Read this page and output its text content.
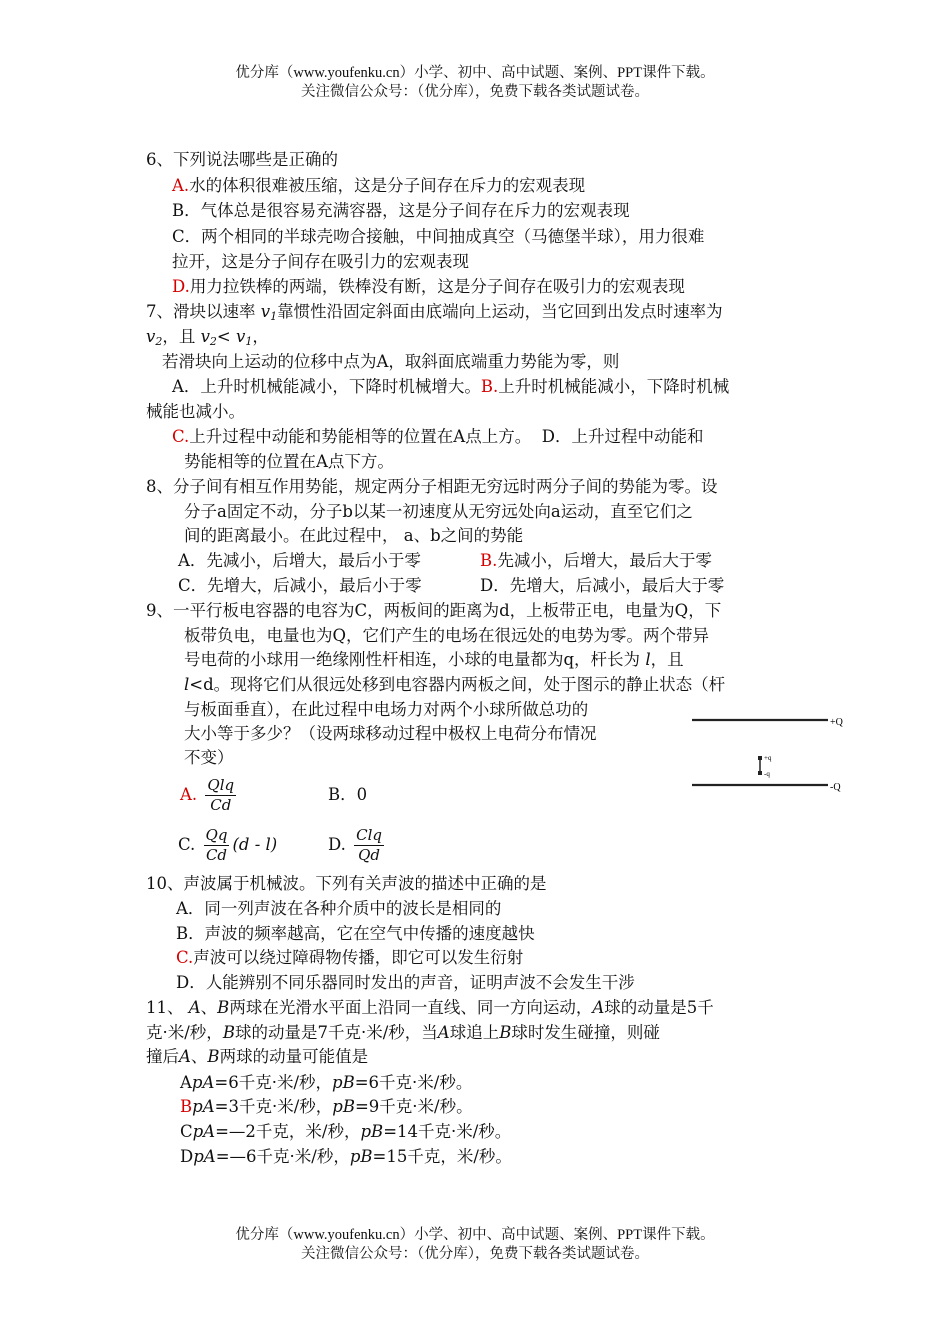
优分库（www.youfenku.cn）小学、初中、高中试题、案例、PPT课件下载。
关注微信公众号：（优分库），免费下载各类试题试卷。
6、下列说法哪些是正确的
A.水的体积很难被压缩，这是分子间存在斥力的宏观表现
B．气体总是很容易充满容器，这是分子间存在斥力的宏观表现
C．两个相同的半球壳吻合接触，中间抽成真空（马德堡半球），用力很难
拉开，这是分子间存在吸引力的宏观表现
D.用力拉铁棒的两端，铁棒没有断，这是分子间存在吸引力的宏观表现
7、滑块以速率 $v_1$靠惯性沿固定斜面由底端向上运动，当它回到出发点时速率为
$v_2$，且 $v_2< v_1$，
若滑块向上运动的位移中点为A，取斜面底端重力势能为零，则
A．上升时机械能减小，下降时机械增大。B.上升时机械能减小，下降时机械
械能也减小。
C.上升过程中动能和势能相等的位置在A点上方。 D．上升过程中动能和
势能相等的位置在A点下方。
8、分子间有相互作用势能，规定两分子相距无穷远时两分子间的势能为零。设
分子a固定不动，分子b以某一初速度从无穷远处向a运动，直至它们之
间的距离最小。在此过程中， a、b之间的势能
A．先减小，后增大，最后小于零	B.先减小，后增大，最后大于零
C．先增大，后减小，最后小于零	D．先增大，后减小，最后大于零
9、一平行板电容器的电容为C，两板间的距离为d，上板带正电，电量为Q，下
板带负电，电量也为Q，它们产生的电场在很远处的电势为零。两个带异
号电荷的小球用一绝缘刚性杆相连，小球的电量都为q，杆长为 l，且
l<d。现将它们从很远处移到电容器内两板之间，处于图示的静止状态（杆
与板面垂直），在此过程中电场力对两个小球所做总功的
大小等于多少？（设两球移动过程中极权上电荷分布情况
不变）
+Q
-Q
+q
-q
A. $\frac{\text{Qlq}}{Cd}$	B．0
C. $\frac{Qq}{Cd} (d - l)$	D. $\frac{\text{Clq}}{Qd}$
10、声波属于机械波。下列有关声波的描述中正确的是
A．同一列声波在各种介质中的波长是相同的
B．声波的频率越高，它在空气中传播的速度越快
C.声波可以绕过障碍物传播，即它可以发生衍射
D．人能辨别不同乐器同时发出的声音，证明声波不会发生干涉
11、 A、B两球在光滑水平面上沿同一直线、同一方向运动，A球的动量是5千
克·米/秒，B球的动量是7千克·米/秒，当A球追上B球时发生碰撞，则碰
撞后A、B两球的动量可能值是
ApA=6千克·米/秒，pB=6千克·米/秒。
BpA=3千克·米/秒，pB=9千克·米/秒。
CpA=—2千克，米/秒，pB=14千克·米/秒。
DpA=—6千克·米/秒，pB=15千克，米/秒。
优分库（www.youfenku.cn）小学、初中、高中试题、案例、PPT课件下载。
关注微信公众号：（优分库），免费下载各类试题试卷。
